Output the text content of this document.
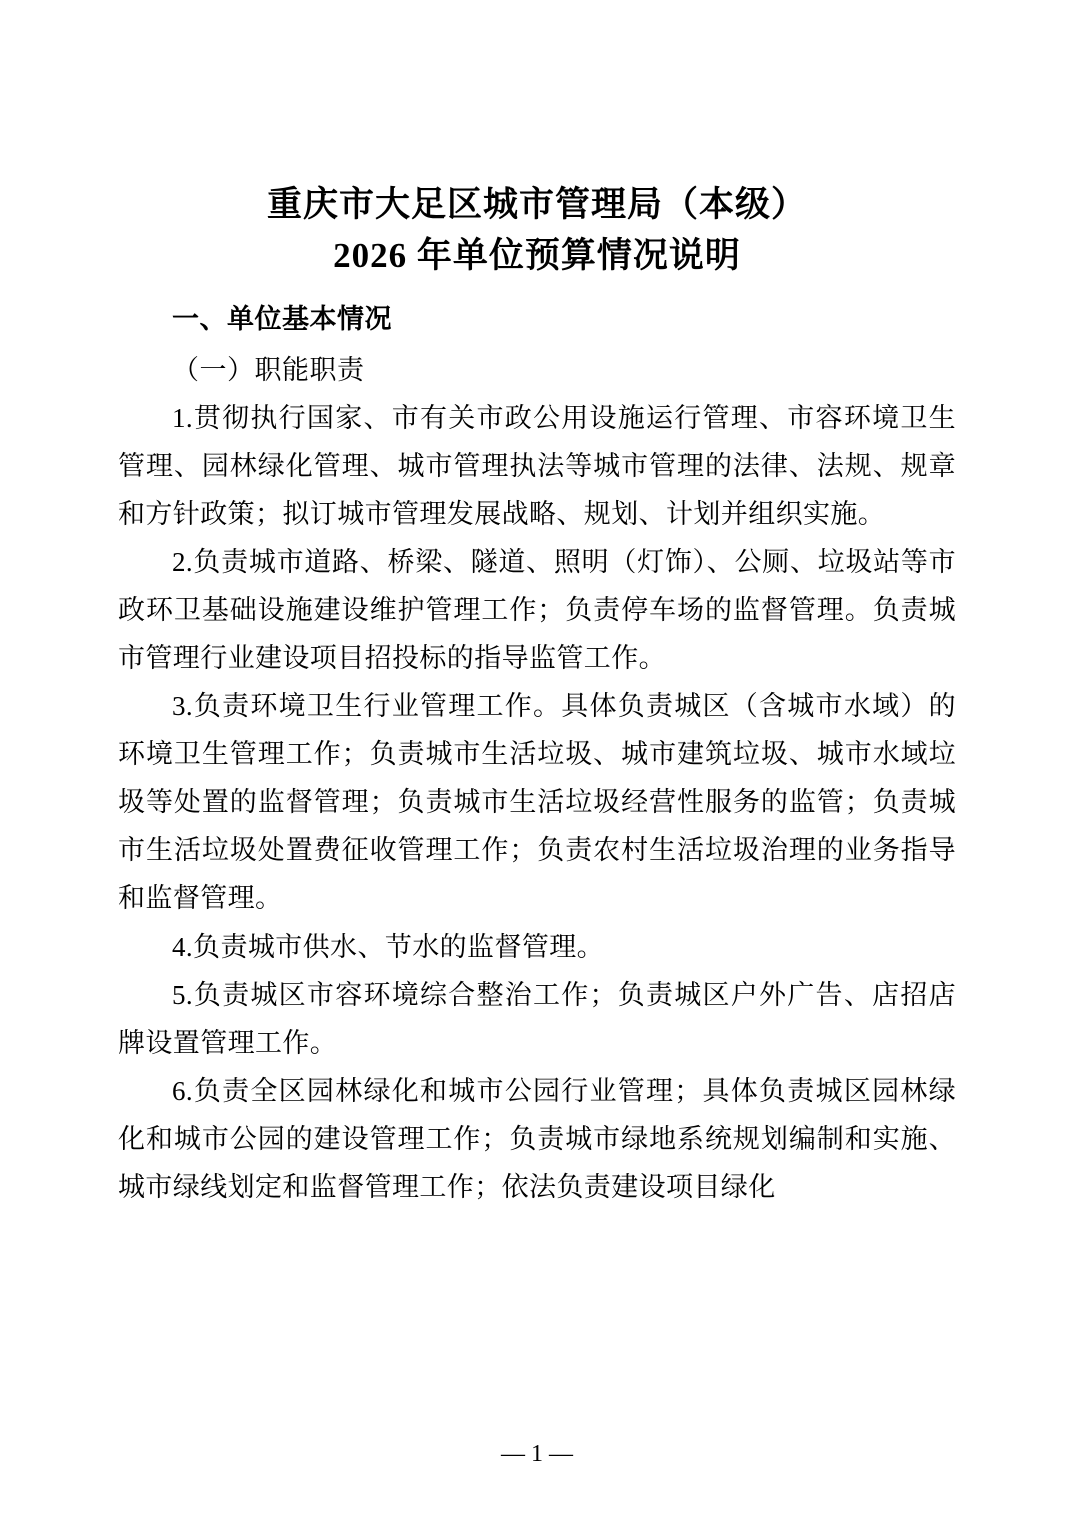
重庆市大足区城市管理局（本级）
2026 年单位预算情况说明
一、单位基本情况
（一）职能职责

1.贯彻执行国家、市有关市政公用设施运行管理、市容环境卫生管理、园林绿化管理、城市管理执法等城市管理的法律、法规、规章和方针政策；拟订城市管理发展战略、规划、计划并组织实施。

2.负责城市道路、桥梁、隧道、照明（灯饰）、公厕、垃圾站等市政环卫基础设施建设维护管理工作；负责停车场的监督管理。负责城市管理行业建设项目招投标的指导监管工作。

3.负责环境卫生行业管理工作。具体负责城区（含城市水域）的环境卫生管理工作；负责城市生活垃圾、城市建筑垃圾、城市水域垃圾等处置的监督管理；负责城市生活垃圾经营性服务的监管；负责城市生活垃圾处置费征收管理工作；负责农村生活垃圾治理的业务指导和监督管理。

4.负责城市供水、节水的监督管理。

5.负责城区市容环境综合整治工作；负责城区户外广告、店招店牌设置管理工作。

6.负责全区园林绿化和城市公园行业管理；具体负责城区园林绿化和城市公园的建设管理工作；负责城市绿地系统规划编制和实施、城市绿线划定和监督管理工作；依法负责建设项目绿化

— 1 —
